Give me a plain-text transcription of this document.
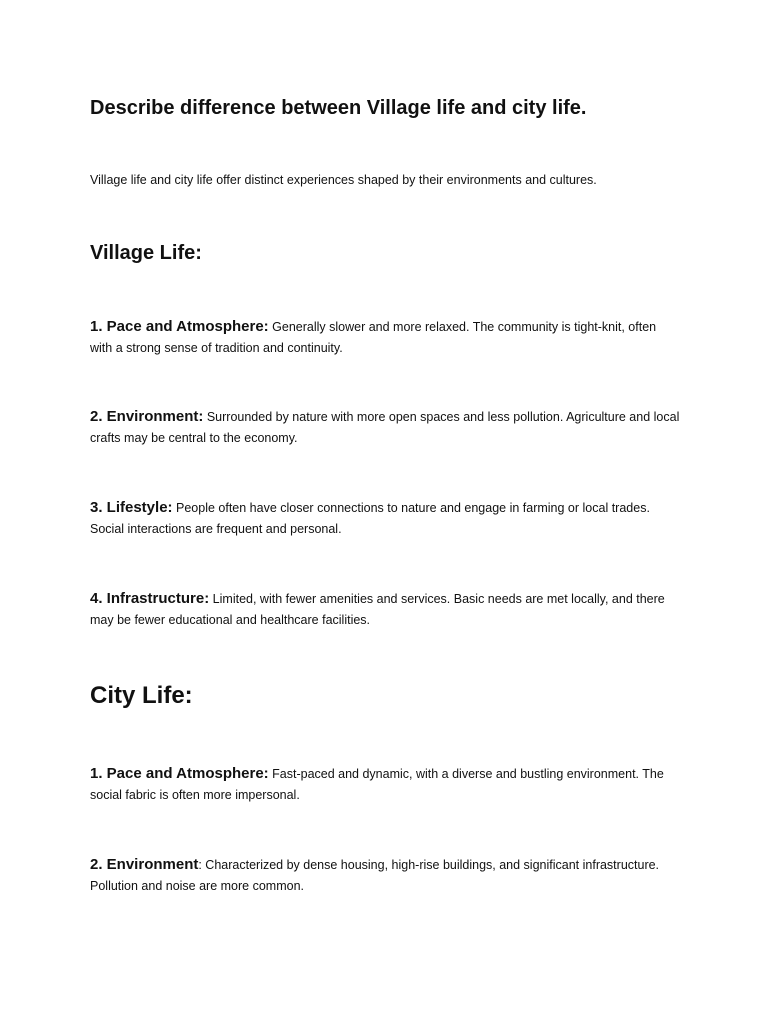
Describe difference between Village life and city life.

Village life and city life offer distinct experiences shaped by their environments and cultures.

Village Life:

1. Pace and Atmosphere: Generally slower and more relaxed. The community is tight-knit, often with a strong sense of tradition and continuity.

2. Environment: Surrounded by nature with more open spaces and less pollution. Agriculture and local crafts may be central to the economy.

3. Lifestyle: People often have closer connections to nature and engage in farming or local trades. Social interactions are frequent and personal.

4. Infrastructure: Limited, with fewer amenities and services. Basic needs are met locally, and there may be fewer educational and healthcare facilities.

City Life:

1. Pace and Atmosphere: Fast-paced and dynamic, with a diverse and bustling environment. The social fabric is often more impersonal.

2. Environment: Characterized by dense housing, high-rise buildings, and significant infrastructure. Pollution and noise are more common.
